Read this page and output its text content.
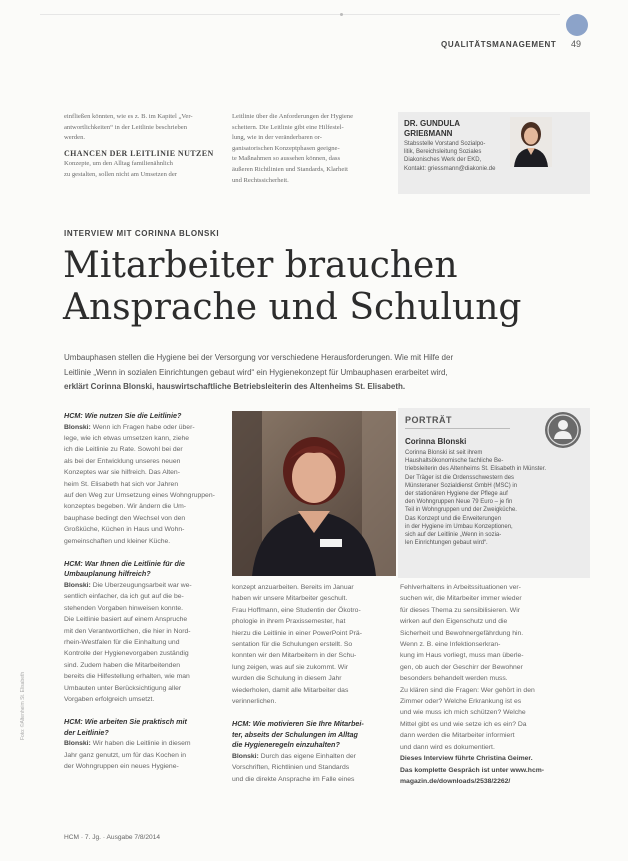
QUALITÄTSMANAGEMENT 49
einfließen könnten, wie es z. B. im Kapitel „Ver-
antwortlichkeiten“ in der Leitlinie beschrieben
werden.
CHANCEN DER LEITLINIE NUTZEN
Konzepte, um den Alltag familienähnlich
zu gestalten, sollen nicht am Umsetzen der
Leitlinie über die Anforderungen der Hygiene
scheitern. Die Leitlinie gibt eine Hilfestel-
lung, wie in der veränderbaren or-
ganisatorischen Konzeptphasen geeigne-
te Maßnahmen so aussehen können, dass
äußeren Richtlinien und Standards, Klarheit
und Rechtssicherheit.
DR. GUNDULA
GRIEßMANN
Stabsstelle Vorstand Sozialpo-
litik, Bereichsleitung Soziales
Diakonisches Werk der EKD,
Kontakt: griessmann@diakonie.de
INTERVIEW MIT CORINNA BLONSKI
Mitarbeiter brauchen
Ansprache und Schulung
Umbauphasen stellen die Hygiene bei der Versorgung vor verschiedene Herausforderungen. Wie mit Hilfe der
Leitlinie „Wenn in sozialen Einrichtungen gebaut wird“ ein Hygienekonzept für Umbauphasen erarbeitet wird,
erklärt Corinna Blonski, hauswirtschaftliche Betriebsleiterin des Altenheims St. Elisabeth.
HCM: Wie nutzen Sie die Leitlinie?
Blonski: Wenn ich Fragen habe oder über-
lege, wie ich etwas umsetzen kann, ziehe
ich die Leitlinie zu Rate. Sowohl bei der
als bei der Entwicklung unseres neuen
Konzeptes war sie hilfreich. Das Alten-
heim St. Elisabeth hat sich vor Jahren
auf den Weg zur Umsetzung eines Wohngruppen-
konzeptes begeben. Wir ändern die Um-
bauphase bedingt den Wechsel von den
Großküche, Küchen in Haus und Wohn-
gemeinschaften und kleiner Küche.
HCM: War Ihnen die Leitlinie für die
Umbauplanung hilfreich?
Blonski: Die Uberzeugungsarbeit war we-
sentlich einfacher, da ich gut auf die be-
stehenden Vorgaben hinweisen konnte.
Die Leitlinie basiert auf einem Anspruche
mit den Verantwortlichen, die hier in Nord-
rhein-Westfalen für die Einhaltung und
Kontrolle der Hygienevorgaben zuständig
sind. Zudem haben die Mitarbeitenden
bereits die Hilfestellung erhalten, wie man
Umbauten unter Berücksichtigung aller
Vorgaben erfolgreich umsetzt.
HCM: Wie arbeiten Sie praktisch mit
der Leitlinie?
Blonski: Wir haben die Leitlinie in diesem
Jahr ganz genutzt, um für das Kochen in
der Wohngruppen ein neues Hygiene-
PORTRÄT
Corinna Blonski
Corinna Blonski ist seit ihrem
Haushaltsökonomische fachliche Be-
triebsleiterin des Altenheims St. Elisabeth in Münster.
Der Träger ist die Ordensschwestern des
Münsteraner Sozialdienst GmbH (MSC) in
der stationären Hygiene der Pflege auf
den Wohngruppen Neue 79 Euro – je fin
Teil in Wohngruppen und der Zweigküche.
Das Konzept und die Erweiterungen
in der Hygiene im Umbau Konzeptionen,
sich auf der Leitlinie „Wenn in sozia-
len Einrichtungen gebaut wird“.
konzept anzuarbeiten. Bereits im Januar
haben wir unsere Mitarbeiter geschult.
Frau Hoffmann, eine Studentin der Ökotro-
phologie in ihrem Praxissemester, hat
hierzu die Leitlinie in einer PowerPoint Prä-
sentation für die Schulungen erstellt. So
konnten wir den Mitarbeitern in der Schu-
lung zeigen, was auf sie zukommt. Wir
wurden die Schulung in diesem Jahr
wiederholen, damit alle Mitarbeiter das
verinnerlichen.
HCM: Wie motivieren Sie Ihre Mitarbei-
ter, abseits der Schulungen im Alltag
die Hygieneregeln einzuhalten?
Blonski: Durch das eigene Einhalten der
Vorschriften, Richtlinien und Standards
und die direkte Ansprache im Falle eines
Fehlverhaltens in Arbeitssituationen ver-
suchen wir, die Mitarbeiter immer wieder
für dieses Thema zu sensibilisieren. Wir
wirken auf den Eigenschutz und die
Sicherheit und Bewohnergefährdung hin.
Wenn z. B. eine Infektionserkran-
kung im Haus vorliegt, muss man überle-
gen, ob auch der Geschirr der Bewohner
besonders behandelt werden muss.
Zu klären sind die Fragen: Wer gehört in den
Zimmer oder? Welche Erkrankung ist es
und wie muss ich mich schützen? Welche
Mittel gibt es und wie setze ich es ein? Da
dann werden die Mitarbeiter informiert
und dann wird es dokumentiert.
Dieses Interview führte Christina Geimer.
Das komplette Gespräch ist unter www.hcm-
magazin.de/downloads/2538/2262/
Foto: ©Altenheim St. Elisabeth
HCM · 7. Jg. · Ausgabe 7/8/2014
